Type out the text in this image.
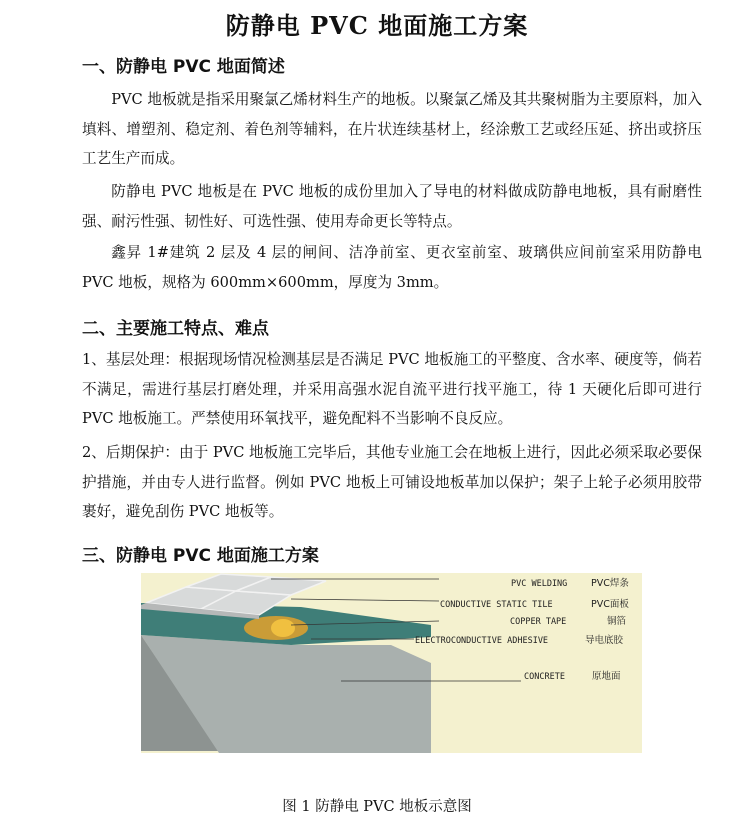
防静电 PVC 地面施工方案
一、防静电 PVC 地面简述
PVC 地板就是指采用聚氯乙烯材料生产的地板。以聚氯乙烯及其共聚树脂为主要原料，加入填料、增塑剂、稳定剂、着色剂等辅料，在片状连续基材上，经涂敷工艺或经压延、挤出或挤压工艺生产而成。
防静电 PVC 地板是在 PVC 地板的成份里加入了导电的材料做成防静电地板，具有耐磨性强、耐污性强、韧性好、可选性强、使用寿命更长等特点。
鑫昇 1#建筑 2 层及 4 层的闸间、洁净前室、更衣室前室、玻璃供应间前室采用防静电 PVC 地板，规格为 600mm×600mm，厚度为 3mm。
二、主要施工特点、难点
1、基层处理：根据现场情况检测基层是否满足 PVC 地板施工的平整度、含水率、硬度等，倘若不满足，需进行基层打磨处理，并采用高强水泥自流平进行找平施工，待 1 天硬化后即可进行 PVC 地板施工。严禁使用环氧找平，避免配料不当影响不良反应。
2、后期保护：由于 PVC 地板施工完毕后，其他专业施工会在地板上进行，因此必须采取必要保护措施，并由专人进行监督。例如 PVC 地板上可铺设地板革加以保护；架子上轮子必须用胶带裹好，避免刮伤 PVC 地板等。
三、防静电 PVC 地面施工方案
PVC WELDING PVC焊条
CONDUCTIVE STATIC TILE	PVC面板
COPPER TAPE	铜箔
ELECTROCONDUCTIVE ADHESIVE	导电底胶
CONCRETE	原地面
图 1 防静电 PVC 地板示意图
